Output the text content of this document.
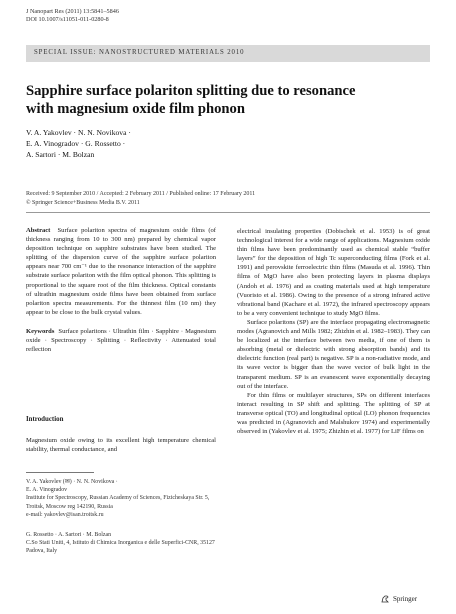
J Nanopart Res (2011) 13:5841–5846
DOI 10.1007/s11051-011-0280-8
SPECIAL ISSUE: NANOSTRUCTURED MATERIALS 2010
Sapphire surface polariton splitting due to resonance
with magnesium oxide film phonon
V. A. Yakovlev · N. N. Novikova ·
E. A. Vinogradov · G. Rossetto ·
A. Sartori · M. Bolzan
Received: 9 September 2010 / Accepted: 2 February 2011 / Published online: 17 February 2011
© Springer Science+Business Media B.V. 2011

Abstract Surface polariton spectra of magnesium oxide films (of thickness ranging from 10 to 300 nm) prepared by chemical vapor deposition technique on sapphire substrates have been studied. The splitting of the dispersion curve of the sapphire surface polariton appears near 700 cm⁻¹ due to the resonance interaction of the sapphire substrate surface polariton with the film optical phonon. This splitting is proportional to the square root of the film thickness. Optical constants of ultrathin magnesium oxide films have been obtained from surface polariton spectra measurements. For the thinnest film (10 nm) they appear to be close to the bulk crystal values.

Keywords Surface polaritons · Ultrathin film · Sapphire · Magnesium oxide · Spectroscopy · Splitting · Reflectivity · Attenuated total reflection

Introduction
Magnesium oxide owing to its excellent high temperature chemical stability, thermal conductance, and

V. A. Yakovlev (✉) · N. N. Novikova ·

E. A. Vinogradov

Institute for Spectroscopy, Russian Academy of Sciences, Fizicheskaya Str. 5, Troitsk, Moscow reg 142190, Russia

e-mail: yakovlev@isan.troitsk.ru

G. Rossetto · A. Sartori · M. Bolzan

C.So Stati Uniti, 4, Istituto di Chimica Inorganica e delle Superfici-CNR, 35127 Padova, Italy

electrical insulating properties (Dobischek et al. 1953) is of great technological interest for a wide range of applications. Magnesium oxide thin films have been predominantly used as chemical stable “buffer layers” for the deposition of high Tc superconducting films (Fork et al. 1991) and perovskite ferroelectric thin films (Masuda et al. 1996). Thin films of MgO have also been protecting layers in plasma displays (Andoh et al. 1976) and as coating materials used at high temperature (Vuoristo et al. 1986). Owing to the presence of a strong infrared active vibrational band (Kachare et al. 1972), the infrared spectroscopy appears to be a very convenient technique to study MgO films.

Surface polaritons (SP) are the interface propagating electromagnetic modes (Agranovich and Mills 1982; Zhizhin et al. 1982–1983). They can be localized at the interface between two media, if one of them is absorbing (metal or dielectric with strong absorption bands) and its dielectric function (real part) is negative. SP is a non-radiative mode, and its wave vector is bigger than the wave vector of bulk light in the transparent medium. SP is an evanescent wave exponentially decaying out of the interface.

For thin films or multilayer structures, SPs on different interfaces interact resulting in SP shift and splitting. The splitting of SP at transverse optical (TO) and longitudinal optical (LO) phonon frequencies was predicted in (Agranovich and Malshukov 1974) and experimentally observed in (Yakovlev et al. 1975; Zhizhin et al. 1977) for LiF films on

Springer
